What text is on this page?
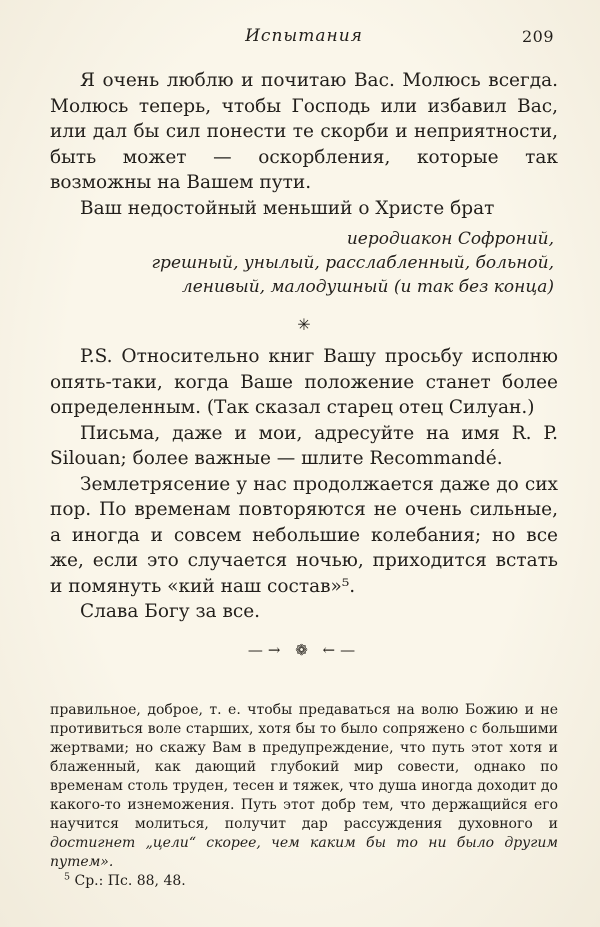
Испытания	209

Я очень люблю и почитаю Вас. Молюсь всегда. Молюсь теперь, чтобы Господь или избавил Вас, или дал бы сил понести те скорби и неприятности, быть может — оскорбления, которые так возможны на Вашем пути.

Ваш недостойный меньший о Христе брат

иеродиакон Софроний,

грешный, унылый, расслабленный, больной,

ленивый, малодушный (и так без конца)

✳

P.S. Относительно книг Вашу просьбу исполню опять-таки, когда Ваше положение станет более определенным. (Так сказал старец отец Силуан.)

Письма, даже и мои, адресуйте на имя R. P. Silouan; более важные — шлите Recommandé.

Землетрясение у нас продолжается даже до сих пор. По временам повторяются не очень сильные, а иногда и совсем небольшие колебания; но все же, если это случается ночью, приходится встать и помянуть «кий наш состав»⁵.

Слава Богу за все.

—→ ❁ ←—

правильное, доброе, т. е. чтобы предаваться на волю Божию и не противиться воле старших, хотя бы то было сопряжено с большими жертвами; но скажу Вам в предупреждение, что путь этот хотя и блаженный, как дающий глубокий мир совести, однако по временам столь труден, тесен и тяжек, что душа иногда доходит до какого-то изнеможения. Путь этот добр тем, что держащийся его научится молиться, получит дар рассуждения духовного и достигнет „цели“ скорее, чем каким бы то ни было другим путем».

$^5$ Ср.: Пс. 88, 48.
